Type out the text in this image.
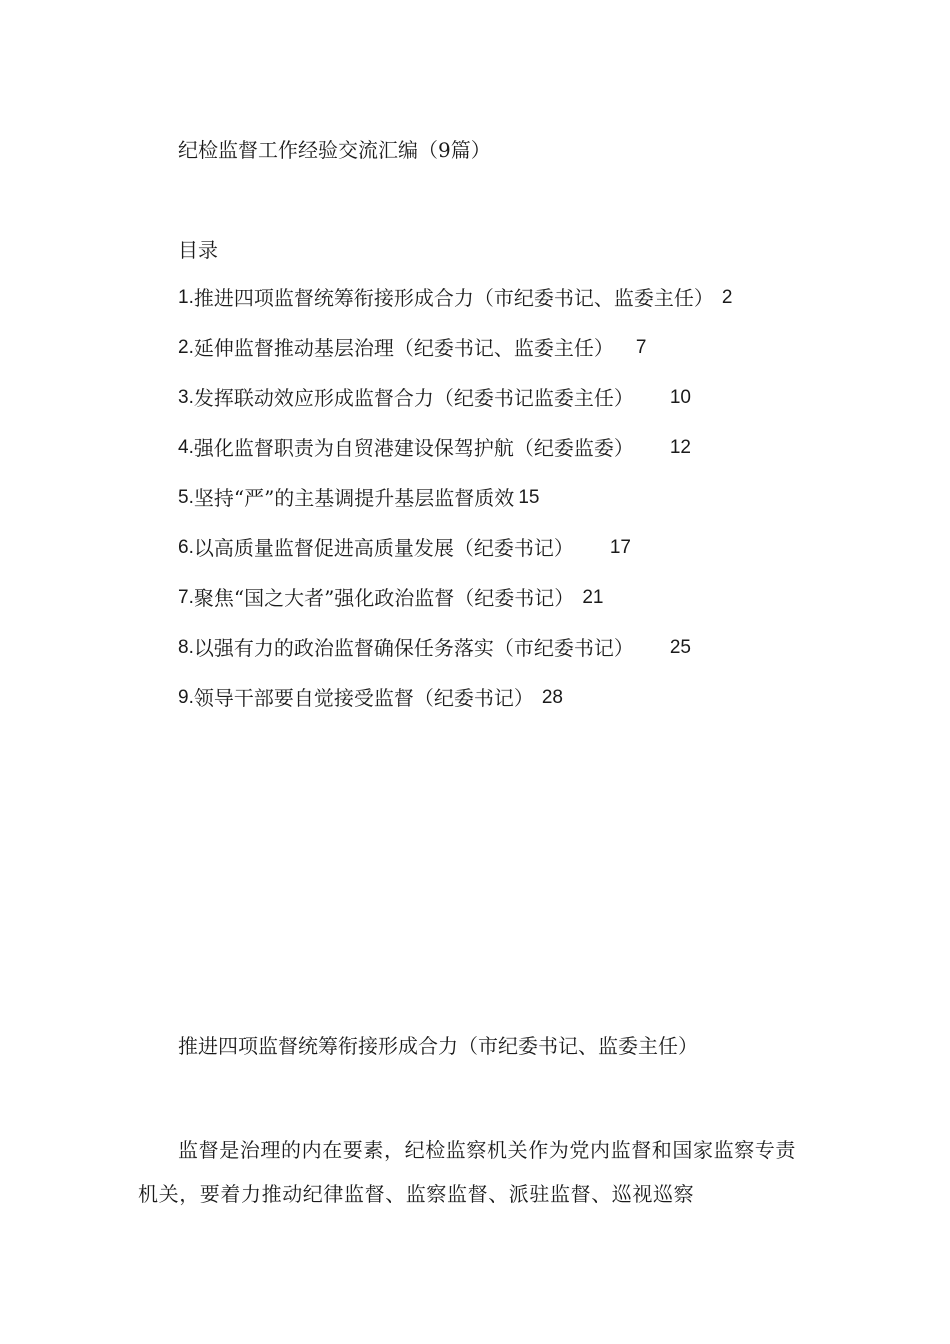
纪检监督工作经验交流汇编（9篇）
目录
1. 推进四项监督统筹衔接形成合力（市纪委书记、监委主任） 2
2. 延伸监督推动基层治理（纪委书记、监委主任） 7
3. 发挥联动效应形成监督合力（纪委书记监委主任） 10
4. 强化监督职责为自贸港建设保驾护航（纪委监委） 12
5. 坚持“严”的主基调提升基层监督质效 15
6. 以高质量监督促进高质量发展（纪委书记） 17
7. 聚焦“国之大者”强化政治监督（纪委书记） 21
8. 以强有力的政治监督确保任务落实（市纪委书记） 25
9. 领导干部要自觉接受监督（纪委书记） 28
推进四项监督统筹衔接形成合力（市纪委书记、监委主任）

监督是治理的内在要素，纪检监察机关作为党内监督和国家监察专责机关，要着力推动纪律监督、监察监督、派驻监督、巡视巡察
